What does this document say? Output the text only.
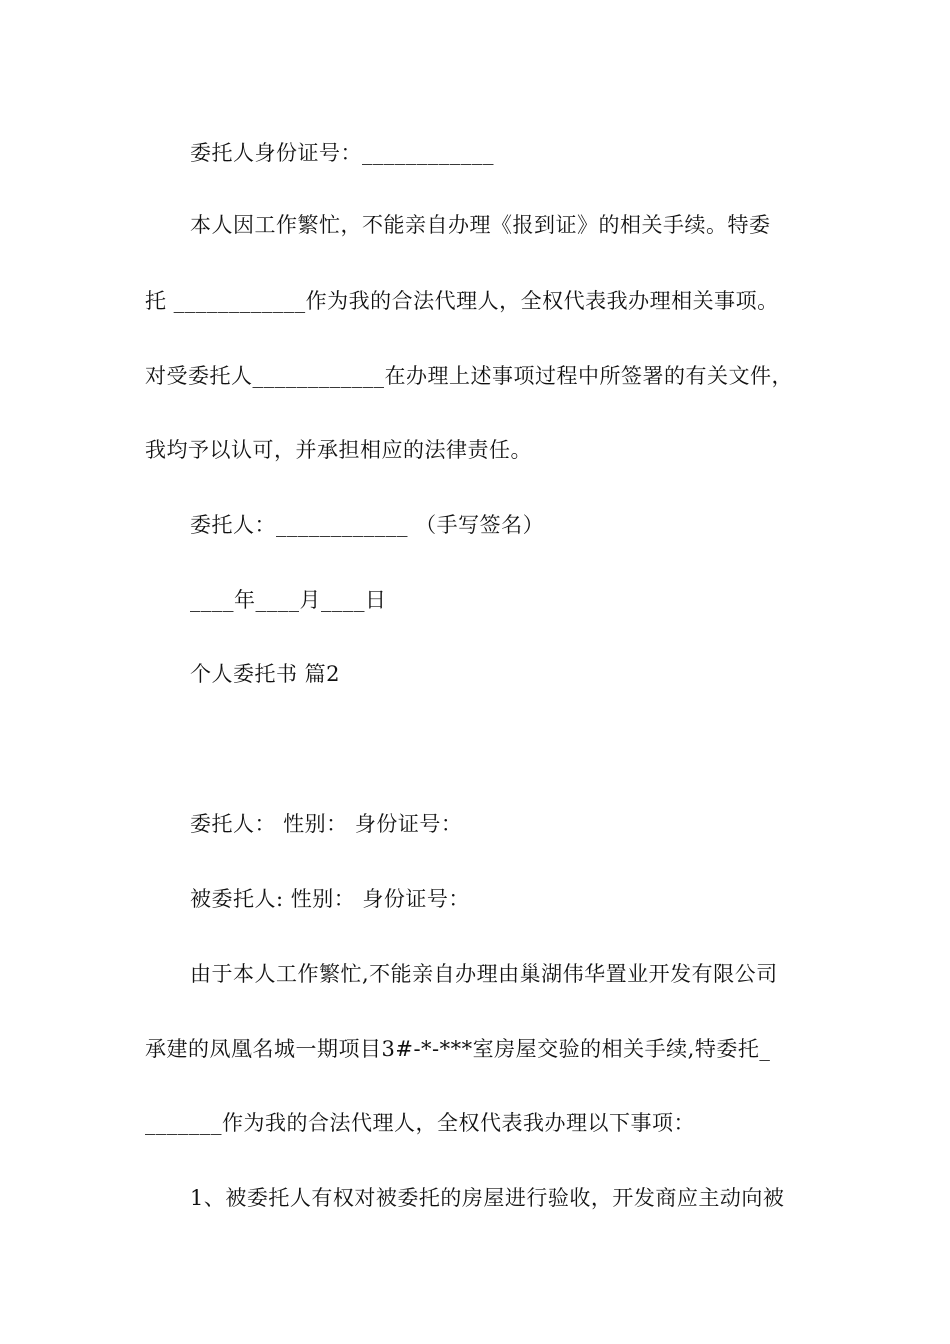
委托人身份证号：____________
本人因工作繁忙，不能亲自办理《报到证》的相关手续。特委
托 ____________作为我的合法代理人，全权代表我办理相关事项。
对受委托人____________在办理上述事项过程中所签署的有关文件，
我均予以认可，并承担相应的法律责任。
委托人：____________ （手写签名）
____年____月____日
个人委托书 篇2
委托人： 性别： 身份证号：
被委托人: 性别： 身份证号：
由于本人工作繁忙,不能亲自办理由巢湖伟华置业开发有限公司
承建的凤凰名城一期项目3#-*-***室房屋交验的相关手续,特委托_
_______作为我的合法代理人，全权代表我办理以下事项：
1、被委托人有权对被委托的房屋进行验收，开发商应主动向被
